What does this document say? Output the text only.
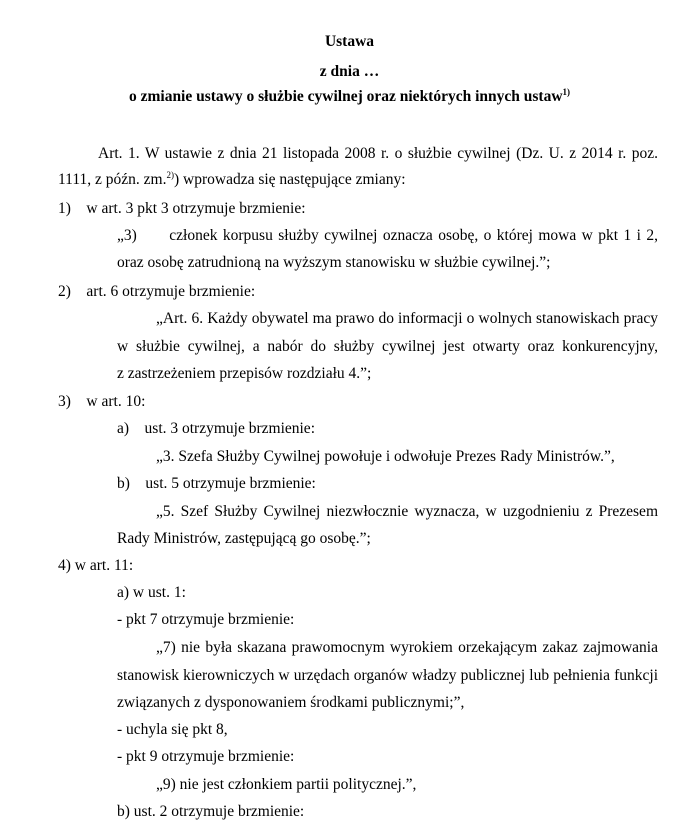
Ustawa
z dnia …
o zmianie ustawy o służbie cywilnej oraz niektórych innych ustaw$^{1)}$
Art. 1. W ustawie z dnia 21 listopada 2008 r. o służbie cywilnej (Dz. U. z 2014 r. poz.
1111, z późn. zm.$^{2)}$) wprowadza się następujące zmiany:
1)    w art. 3 pkt 3 otrzymuje brzmienie:
„3)      członek korpusu służby cywilnej oznacza osobę, o której mowa w pkt 1 i 2,
oraz osobę zatrudnioną na wyższym stanowisku w służbie cywilnej.”;
2)    art. 6 otrzymuje brzmienie:
„Art. 6. Każdy obywatel ma prawo do informacji o wolnych stanowiskach pracy
w służbie cywilnej, a nabór do służby cywilnej jest otwarty oraz konkurencyjny,
z zastrzeżeniem przepisów rozdziału 4.”;
3)    w art. 10:
a)    ust. 3 otrzymuje brzmienie:
„3. Szefa Służby Cywilnej powołuje i odwołuje Prezes Rady Ministrów.”,
b)    ust. 5 otrzymuje brzmienie:
„5. Szef Służby Cywilnej niezwłocznie wyznacza, w uzgodnieniu z Prezesem
Rady Ministrów, zastępującą go osobę.”;
4) w art. 11:
a) w ust. 1:
- pkt 7 otrzymuje brzmienie:
„7) nie była skazana prawomocnym wyrokiem orzekającym zakaz zajmowania
stanowisk kierowniczych w urzędach organów władzy publicznej lub pełnienia funkcji
związanych z dysponowaniem środkami publicznymi;”,
- uchyla się pkt 8,
- pkt 9 otrzymuje brzmienie:
„9) nie jest członkiem partii politycznej.”,
b) ust. 2 otrzymuje brzmienie:
